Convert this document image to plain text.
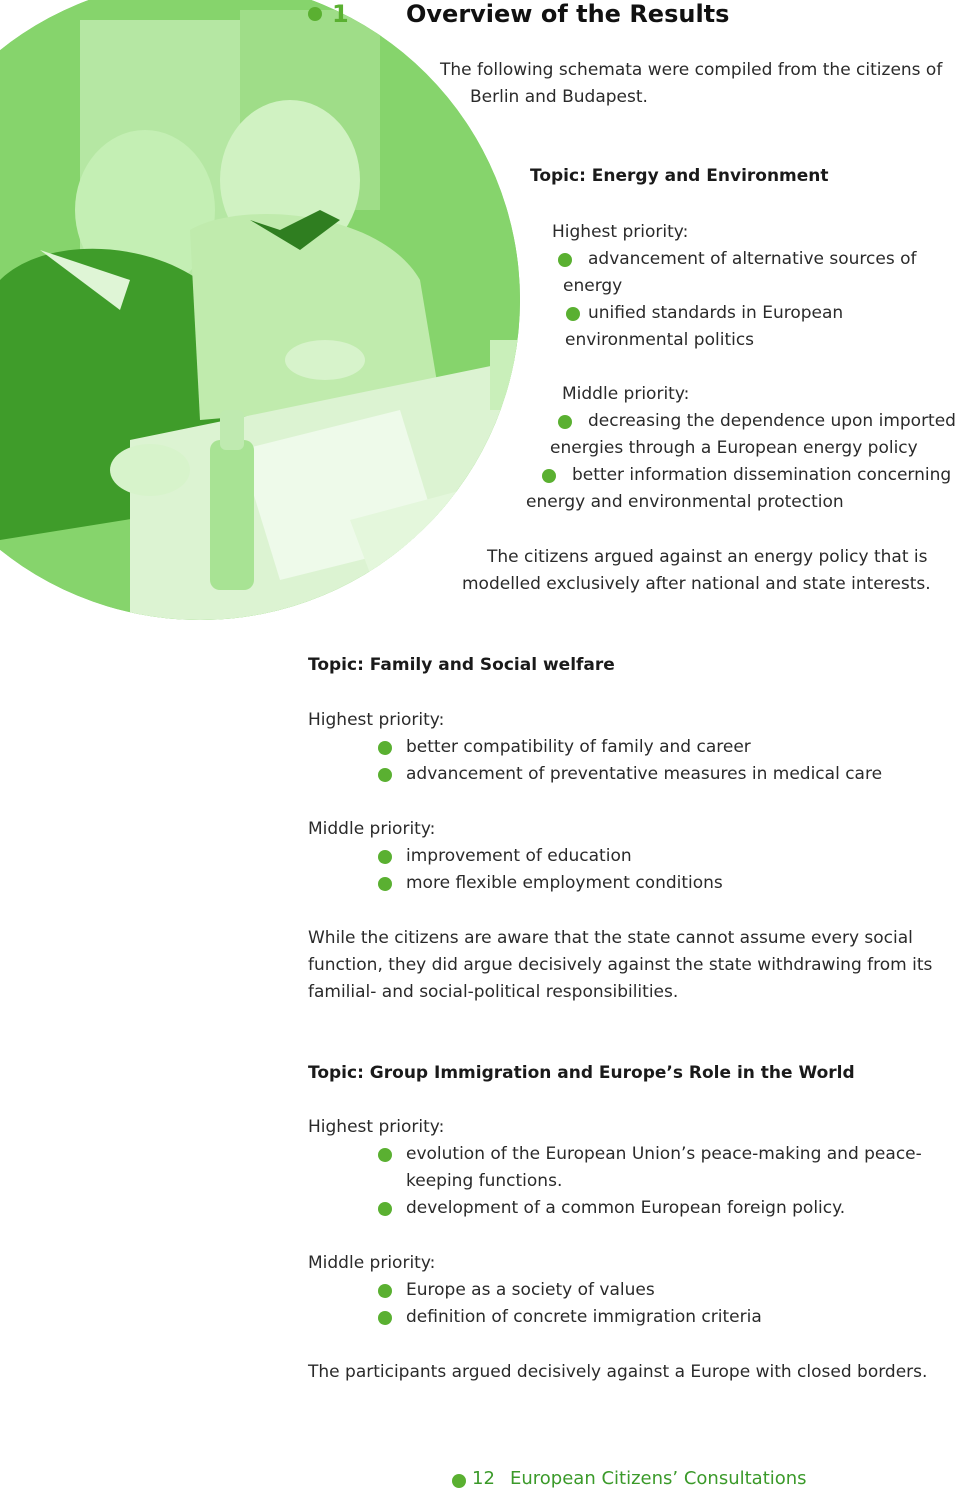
1 Overview of the Results
The following schemata were compiled from the citizens of
Berlin and Budapest.
Topic: Energy and Environment
Highest priority:
advancement of alternative sources of
energy
unified standards in European
environmental politics
Middle priority:
decreasing the dependence upon imported
energies through a European energy policy
better information dissemination concerning
energy and environmental protection
The citizens argued against an energy policy that is
modelled exclusively after national and state interests.
Topic: Family and Social welfare
Highest priority:
better compatibility of family and career
advancement of preventative measures in medical care
Middle priority:
improvement of education
more flexible employment conditions
While the citizens are aware that the state cannot assume every social
function, they did argue decisively against the state withdrawing from its
familial- and social-political responsibilities.
Topic: Group Immigration and Europe’s Role in the World
Highest priority:
evolution of the European Union’s peace-making and peace-
keeping functions.
development of a common European foreign policy.
Middle priority:
Europe as a society of values
definition of concrete immigration criteria
The participants argued decisively against a Europe with closed borders.
12 European Citizens’ Consultations
